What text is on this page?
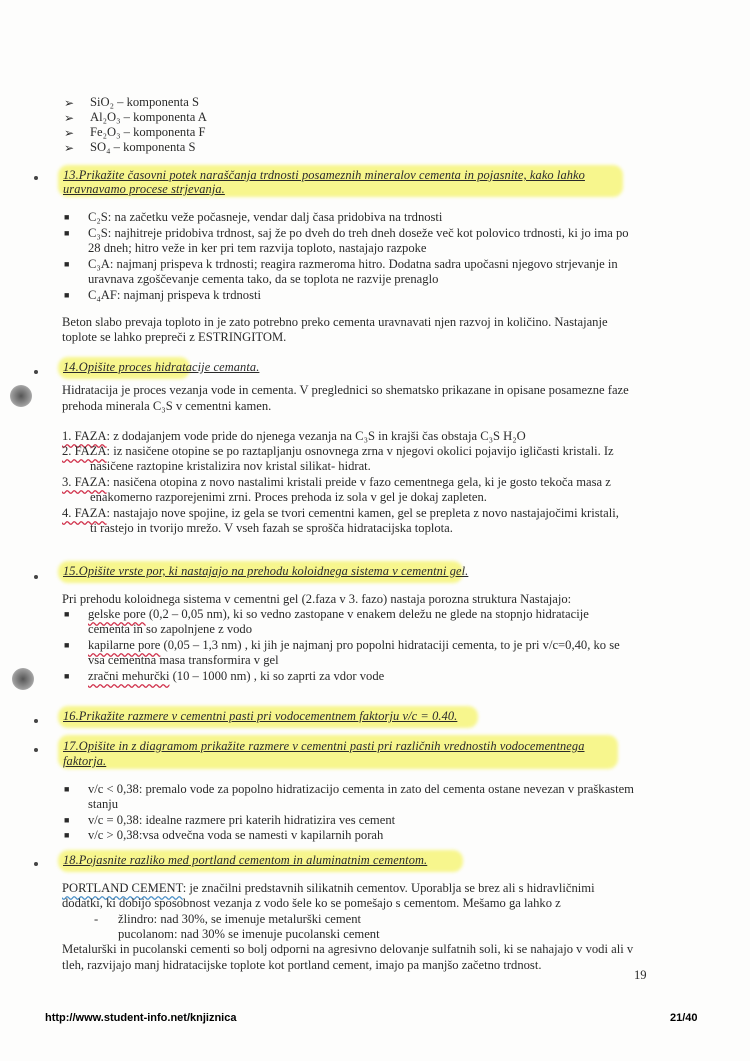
➢ SiO₂ – komponenta S
➢ Al₂O₃ – komponenta A
➢ Fe₂O₃ – komponenta F
➢ SO₄ – komponenta S
13.Prikažite časovni potek naraščanja trdnosti posameznih mineralov cementa in pojasnite, kako lahko
uravnavamo procese strjevanja.
■ C₂S: na začetku veže počasneje, vendar dalj časa pridobiva na trdnosti
■ C₃S: najhitreje pridobiva trdnost, saj že po dveh do treh dneh doseže več kot polovico trdnosti, ki jo ima po
28 dneh; hitro veže in ker pri tem razvija toploto, nastajajo razpoke
■ C₃A: najmanj prispeva k trdnosti; reagira razmeroma hitro. Dodatna sadra upočasni njegovo strjevanje in
uravnava zgoščevanje cementa tako, da se toplota ne razvije prenaglo
■ C₄AF: najmanj prispeva k trdnosti
Beton slabo prevaja toploto in je zato potrebno preko cementa uravnavati njen razvoj in količino. Nastajanje
toplote se lahko prepreči z ESTRINGITOM.
14.Opišite proces hidratacije cemanta.
Hidratacija je proces vezanja vode in cementa. V preglednici so shematsko prikazane in opisane posamezne faze
prehoda minerala C₃S v cementni kamen.
1. FAZA: z dodajanjem vode pride do njenega vezanja na C₃S in krajši čas obstaja C₃S H₂O
2. FAZA: iz nasičene otopine se po raztapljanju osnovnega zrna v njegovi okolici pojavijo igličasti kristali. Iz
nasičene raztopine kristalizira nov kristal silikat- hidrat.
3. FAZA: nasičena otopina z novo nastalimi kristali preide v fazo cementnega gela, ki je gosto tekoča masa z
enakomerno razporejenimi zrni. Proces prehoda iz sola v gel je dokaj zapleten.
4. FAZA: nastajajo nove spojine, iz gela se tvori cementni kamen, gel se prepleta z novo nastajajočimi kristali,
ti rastejo in tvorijo mrežo. V vseh fazah se sprošča hidratacijska toplota.
15.Opišite vrste por, ki nastajajo na prehodu koloidnega sistema v cementni gel.
Pri prehodu koloidnega sistema v cementni gel (2.faza v 3. fazo) nastaja porozna struktura Nastajajo:
■ gelske pore (0,2 – 0,05 nm), ki so vedno zastopane v enakem deležu ne glede na stopnjo hidratacije
cementa in so zapolnjene z vodo
■ kapilarne pore (0,05 – 1,3 nm) , ki jih je najmanj pro popolni hidrataciji cementa, to je pri v/c=0,40, ko se
vsa cementna masa transformira v gel
■ zračni mehurčki (10 – 1000 nm) , ki so zaprti za vdor vode
16.Prikažite razmere v cementni pasti pri vodocementnem faktorju v/c = 0.40.
17.Opišite in z diagramom prikažite razmere v cementni pasti pri različnih vrednostih vodocementnega
faktorja.
■ v/c < 0,38: premalo vode za popolno hidratizacijo cementa in zato del cementa ostane nevezan v praškastem
stanju
■ v/c = 0,38: idealne razmere pri katerih hidratizira ves cement
■ v/c > 0,38:vsa odvečna voda se namesti v kapilarnih porah
18.Pojasnite razliko med portland cementom in aluminatnim cementom.
PORTLAND CEMENT: je značilni predstavnih silikatnih cementov. Uporablja se brez ali s hidravličnimi
dodatki, ki dobijo sposobnost vezanja z vodo šele ko se pomešajo s cementom. Mešamo ga lahko z
- žlindro: nad 30%, se imenuje metalurški cement
pucolanom: nad 30% se imenuje pucolanski cement
Metalurški in pucolanski cementi so bolj odporni na agresivno delovanje sulfatnih soli, ki se nahajajo v vodi ali v
tleh, razvijajo manj hidratacijske toplote kot portland cement, imajo pa manjšo začetno trdnost.
19
http://www.student-info.net/knjiznica	21/40
